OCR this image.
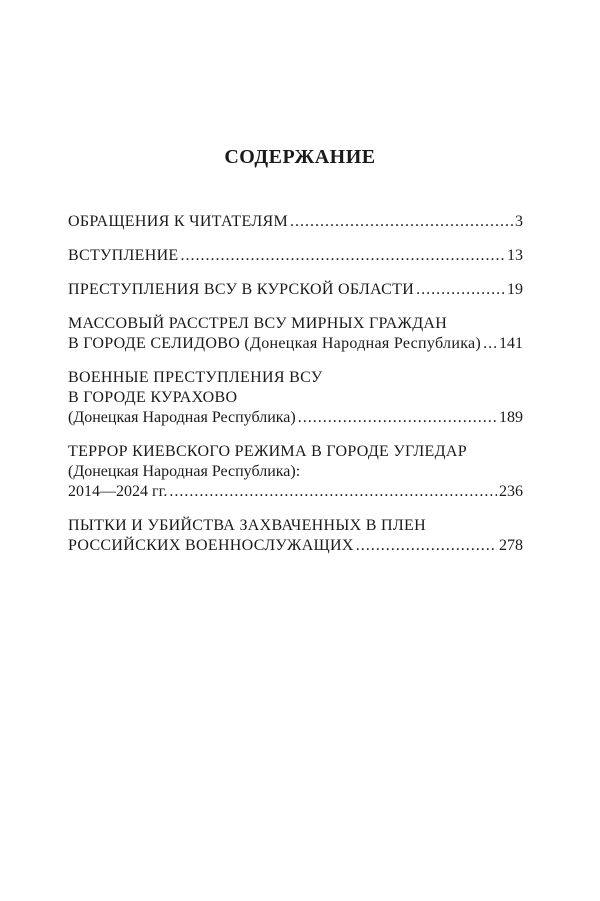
СОДЕРЖАНИЕ
ОБРАЩЕНИЯ К ЧИТАТЕЛЯМ .....	3
ВСТУПЛЕНИЕ .....	13
ПРЕСТУПЛЕНИЯ ВСУ В КУРСКОЙ ОБЛАСТИ .....	19
МАССОВЫЙ РАССТРЕЛ ВСУ МИРНЫХ ГРАЖДАН
В ГОРОДЕ СЕЛИДОВО (Донецкая Народная Республика) ..... 141
ВОЕННЫЕ ПРЕСТУПЛЕНИЯ ВСУ
В ГОРОДЕ КУРАХОВО
(Донецкая Народная Республика) .....	189
ТЕРРОР КИЕВСКОГО РЕЖИМА В ГОРОДЕ УГЛЕДАР
(Донецкая Народная Республика):
2014—2024 гг. .....	236
ПЫТКИ И УБИЙСТВА ЗАХВАЧЕННЫХ В ПЛЕН
РОССИЙСКИХ ВОЕННОСЛУЖАЩИХ .....	278
